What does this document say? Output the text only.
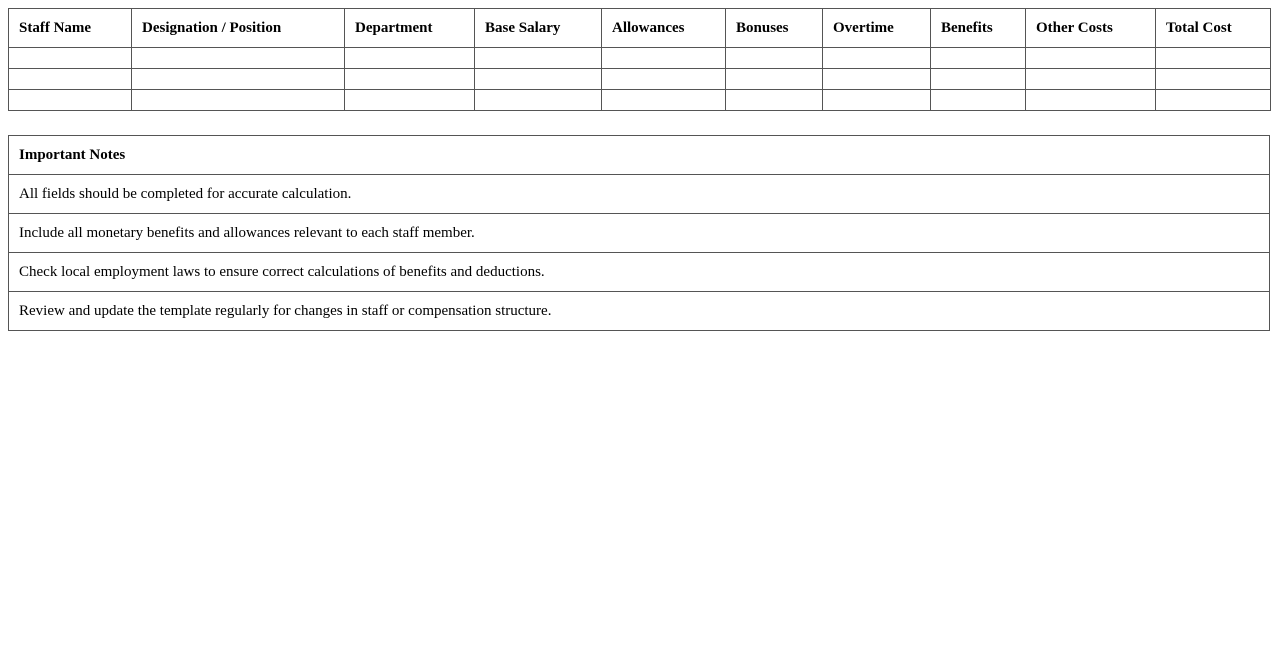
Staff Name	Designation / Position	Department	Base Salary	Allowances	Bonuses	Overtime	Benefits	Other Costs	Total Cost

Important Notes
All fields should be completed for accurate calculation.
Include all monetary benefits and allowances relevant to each staff member.
Check local employment laws to ensure correct calculations of benefits and deductions.
Review and update the template regularly for changes in staff or compensation structure.
